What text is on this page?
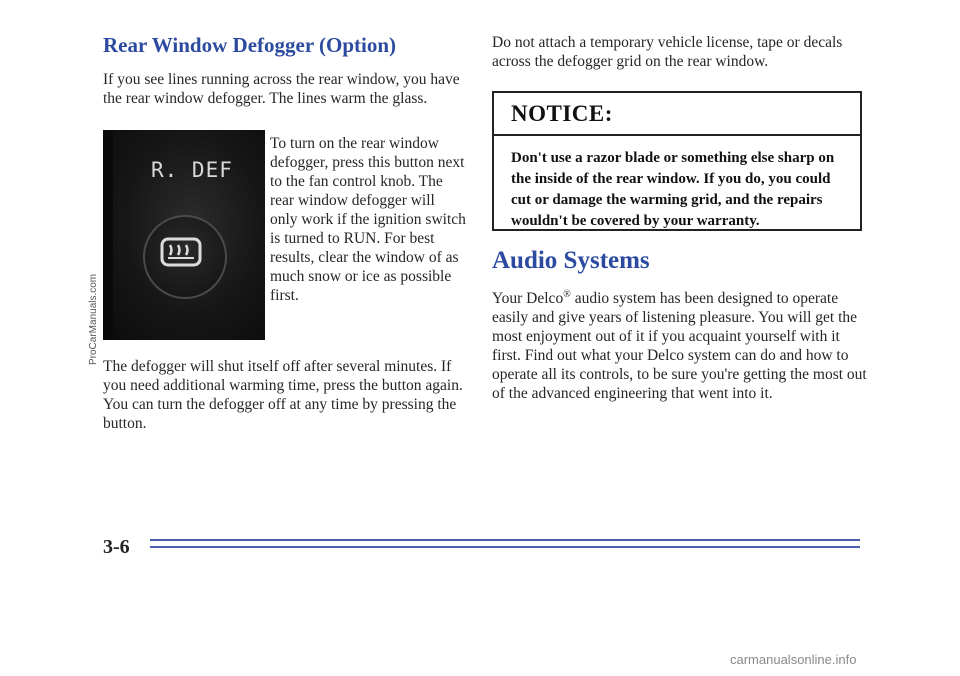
Rear Window Defogger (Option)

If you see lines running across the rear window, you have the rear window defogger. The lines warm the glass.

R. DEF
ProCarManuals.com

To turn on the rear window defogger, press this button next to the fan control knob. The rear window defogger will only work if the ignition switch is turned to RUN. For best results, clear the window of as much snow or ice as possible first.

The defogger will shut itself off after several minutes. If you need additional warming time, press the button again. You can turn the defogger off at any time by pressing the button.

Do not attach a temporary vehicle license, tape or decals across the defogger grid on the rear window.

NOTICE:
Don't use a razor blade or something else sharp on the inside of the rear window. If you do, you could cut or damage the warming grid, and the repairs wouldn't be covered by your warranty.
Audio Systems

Your Delco® audio system has been designed to operate easily and give years of listening pleasure. You will get the most enjoyment out of it if you acquaint yourself with it first. Find out what your Delco system can do and how to operate all its controls, to be sure you're getting the most out of the advanced engineering that went into it.

3-6
carmanualsonline.info
